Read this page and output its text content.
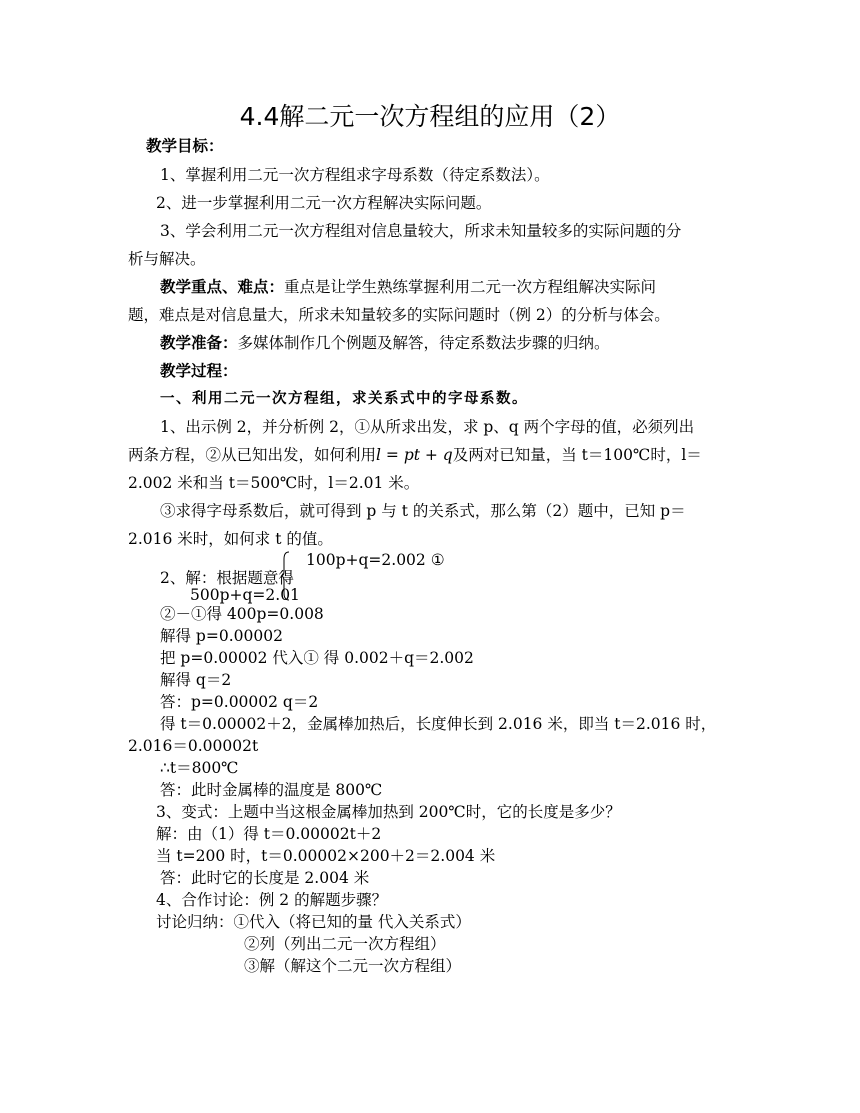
4.4解二元一次方程组的应用（2）
教学目标：
1、掌握利用二元一次方程组求字母系数（待定系数法）。
2、进一步掌握利用二元一次方程解决实际问题。
3、学会利用二元一次方程组对信息量较大，所求未知量较多的实际问题的分
析与解决。
教学重点、难点：重点是让学生熟练掌握利用二元一次方程组解决实际问
题，难点是对信息量大，所求未知量较多的实际问题时（例 2）的分析与体会。
教学准备：多媒体制作几个例题及解答，待定系数法步骤的归纳。
教学过程：
一、利用二元一次方程组，求关系式中的字母系数。
1、出示例 2，并分析例 2，①从所求出发，求 p、q 两个字母的值，必须列出
两条方程，②从已知出发，如何利用l = pt + q及两对已知量，当 t＝100℃时，l＝
2.002 米和当 t＝500℃时，l＝2.01 米。
③求得字母系数后，就可得到 p 与 t 的关系式，那么第（2）题中，已知 p＝
2.016 米时，如何求 t 的值。
100p+q=2.002 ①
2、解：根据题意得
500p+q=2.01
②－①得 400p=0.008
解得 p=0.00002
把 p=0.00002 代入① 得 0.002＋q＝2.002
解得 q＝2
答：p=0.00002 q＝2
得 t＝0.00002＋2，金属棒加热后，长度伸长到 2.016 米，即当 t＝2.016 时，
2.016＝0.00002t
∴t＝800℃
答：此时金属棒的温度是 800℃
3、变式：上题中当这根金属棒加热到 200℃时，它的长度是多少？
解：由（1）得 t＝0.00002t＋2
当 t=200 时，t＝0.00002×200＋2＝2.004 米
答：此时它的长度是 2.004 米
4、合作讨论：例 2 的解题步骤？
讨论归纳：①代入（将已知的量 代入关系式）
②列（列出二元一次方程组）
③解（解这个二元一次方程组）
